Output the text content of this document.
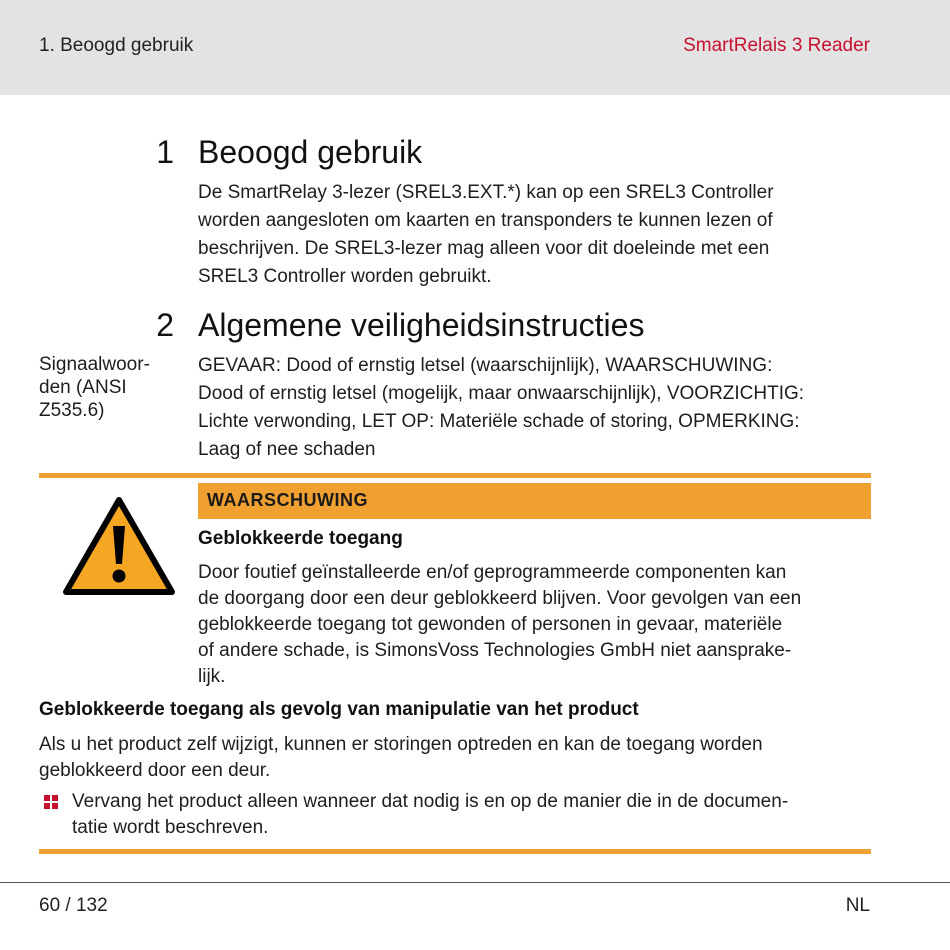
1. Beoogd gebruik	SmartRelais 3 Reader
1 Beoogd gebruik
De SmartRelay 3-lezer (SREL3.EXT.*) kan op een SREL3 Controller
worden aangesloten om kaarten en transponders te kunnen lezen of
beschrijven. De SREL3-lezer mag alleen voor dit doeleinde met een
SREL3 Controller worden gebruikt.
2 Algemene veiligheidsinstructies
Signaalwoor-
den (ANSI
Z535.6)
GEVAAR: Dood of ernstig letsel (waarschijnlijk), WAARSCHUWING:
Dood of ernstig letsel (mogelijk, maar onwaarschijnlijk), VOORZICHTIG:
Lichte verwonding, LET OP: Materiële schade of storing, OPMERKING:
Laag of nee schaden
WAARSCHUWING
Geblokkeerde toegang
Door foutief geïnstalleerde en/of geprogrammeerde componenten kan
de doorgang door een deur geblokkeerd blijven. Voor gevolgen van een
geblokkeerde toegang tot gewonden of personen in gevaar, materiële
of andere schade, is SimonsVoss Technologies GmbH niet aansprake-
lijk.
Geblokkeerde toegang als gevolg van manipulatie van het product
Als u het product zelf wijzigt, kunnen er storingen optreden en kan de toegang worden
geblokkeerd door een deur.
Vervang het product alleen wanneer dat nodig is en op de manier die in de documen-
tatie wordt beschreven.
60 / 132	NL
